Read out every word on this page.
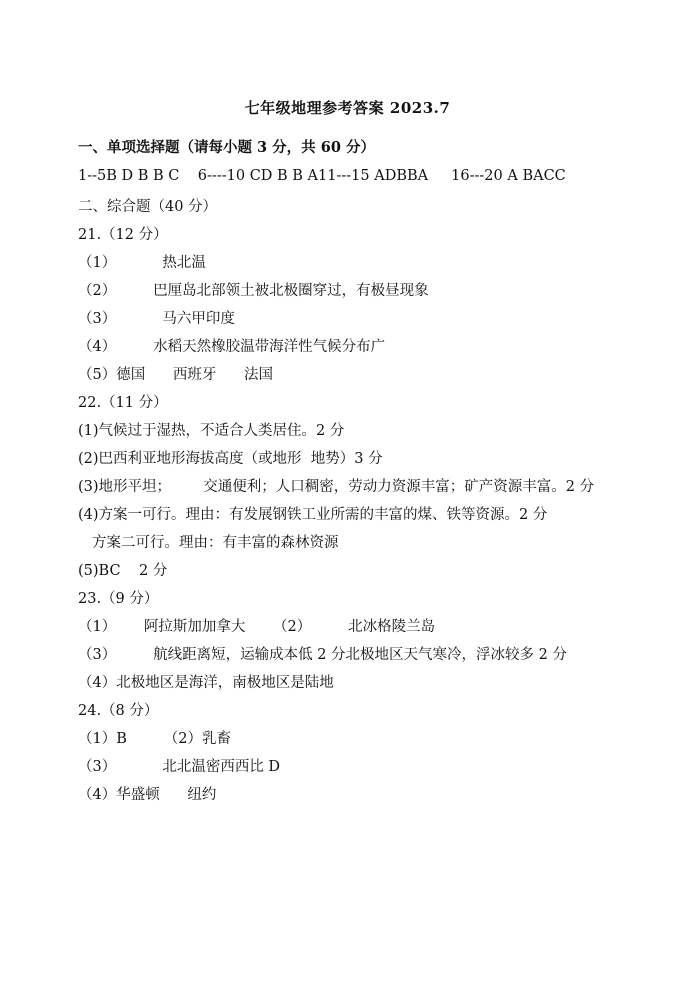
七年级地理参考答案 2023.7
一、单项选择题（请每小题 3 分，共 60 分）
1--5B D B B C    6----10 CD B B A11---15 ADBBA     16---20 A BACC
二、综合题（40 分）
21.（12 分）
（1）          热北温
（2）        巴厘岛北部领土被北极圈穿过，有极昼现象
（3）          马六甲印度
（4）        水稻天然橡胶温带海洋性气候分布广
（5）德国      西班牙      法国
22.（11 分）
(1)气候过于湿热，不适合人类居住。2 分
(2)巴西利亚地形海拔高度（或地形  地势）3 分
(3)地形平坦；       交通便利；人口稠密，劳动力资源丰富；矿产资源丰富。2 分
(4)方案一可行。理由：有发展钢铁工业所需的丰富的煤、铁等资源。2 分
方案二可行。理由：有丰富的森林资源
(5)BC    2 分
23.（9 分）
（1）      阿拉斯加加拿大      （2）        北冰格陵兰岛
（3）        航线距离短，运输成本低 2 分北极地区天气寒冷，浮冰较多 2 分
（4）北极地区是海洋，南极地区是陆地
24.（8 分）
（1）B        （2）乳畜
（3）          北北温密西西比 D
（4）华盛顿      纽约
